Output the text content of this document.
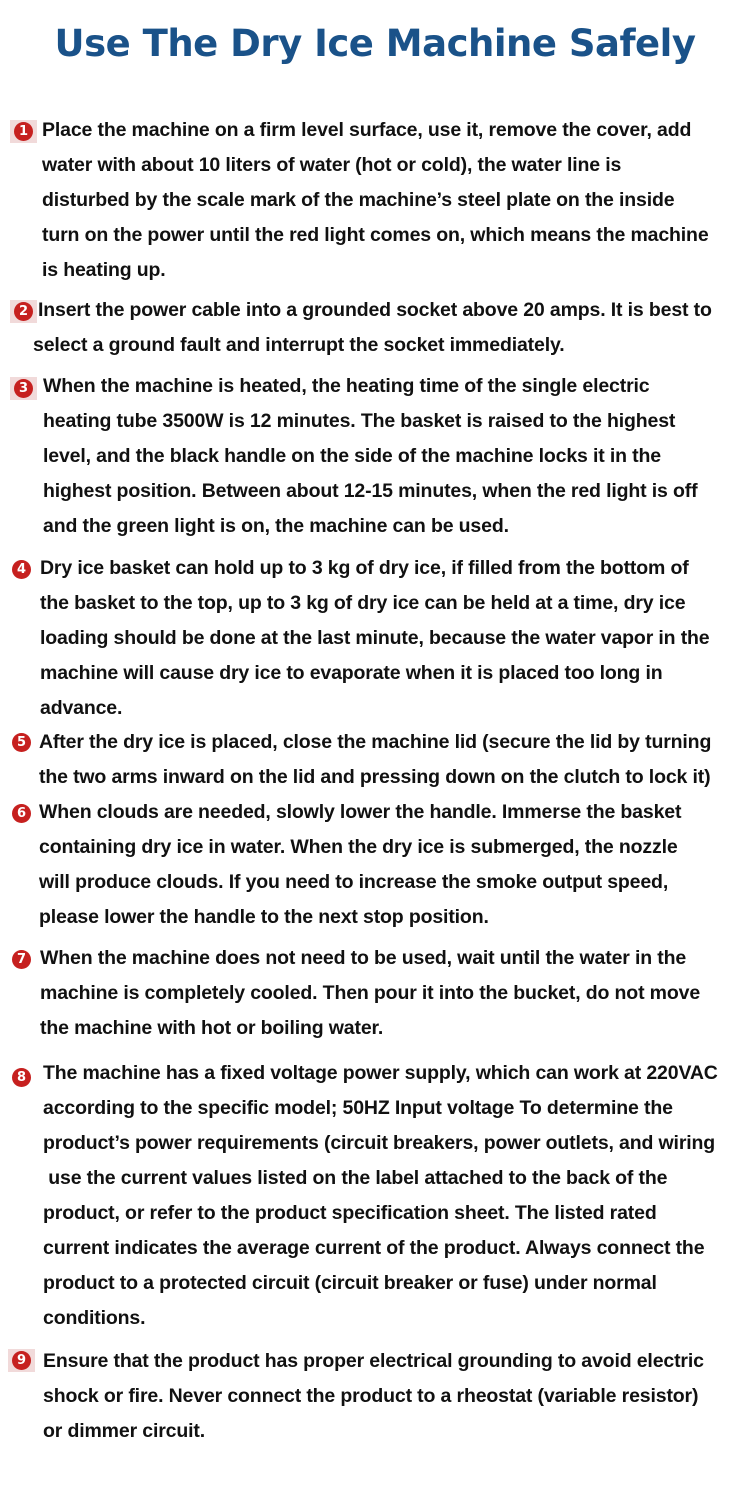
Use The Dry Ice Machine Safely
1 Place the machine on a firm level surface, use it, remove the cover, add
water with about 10 liters of water (hot or cold), the water line is
disturbed by the scale mark of the machine’s steel plate on the inside
turn on the power until the red light comes on, which means the machine
is heating up.
2 Insert the power cable into a grounded socket above 20 amps. It is best to
select a ground fault and interrupt the socket immediately.
3 When the machine is heated, the heating time of the single electric
heating tube 3500W is 12 minutes. The basket is raised to the highest
level, and the black handle on the side of the machine locks it in the
highest position. Between about 12-15 minutes, when the red light is off
and the green light is on, the machine can be used.
4 Dry ice basket can hold up to 3 kg of dry ice, if filled from the bottom of
the basket to the top, up to 3 kg of dry ice can be held at a time, dry ice
loading should be done at the last minute, because the water vapor in the
machine will cause dry ice to evaporate when it is placed too long in
advance.
5 After the dry ice is placed, close the machine lid (secure the lid by turning
the two arms inward on the lid and pressing down on the clutch to lock it)
6 When clouds are needed, slowly lower the handle. Immerse the basket
containing dry ice in water. When the dry ice is submerged, the nozzle
will produce clouds. If you need to increase the smoke output speed,
please lower the handle to the next stop position.
7 When the machine does not need to be used, wait until the water in the
machine is completely cooled. Then pour it into the bucket, do not move
the machine with hot or boiling water.
8 The machine has a fixed voltage power supply, which can work at 220VAC
according to the specific model; 50HZ Input voltage To determine the
product’s power requirements (circuit breakers, power outlets, and wiring
use the current values listed on the label attached to the back of the
product, or refer to the product specification sheet. The listed rated
current indicates the average current of the product. Always connect the
product to a protected circuit (circuit breaker or fuse) under normal
conditions.
9 Ensure that the product has proper electrical grounding to avoid electric
shock or fire. Never connect the product to a rheostat (variable resistor)
or dimmer circuit.
